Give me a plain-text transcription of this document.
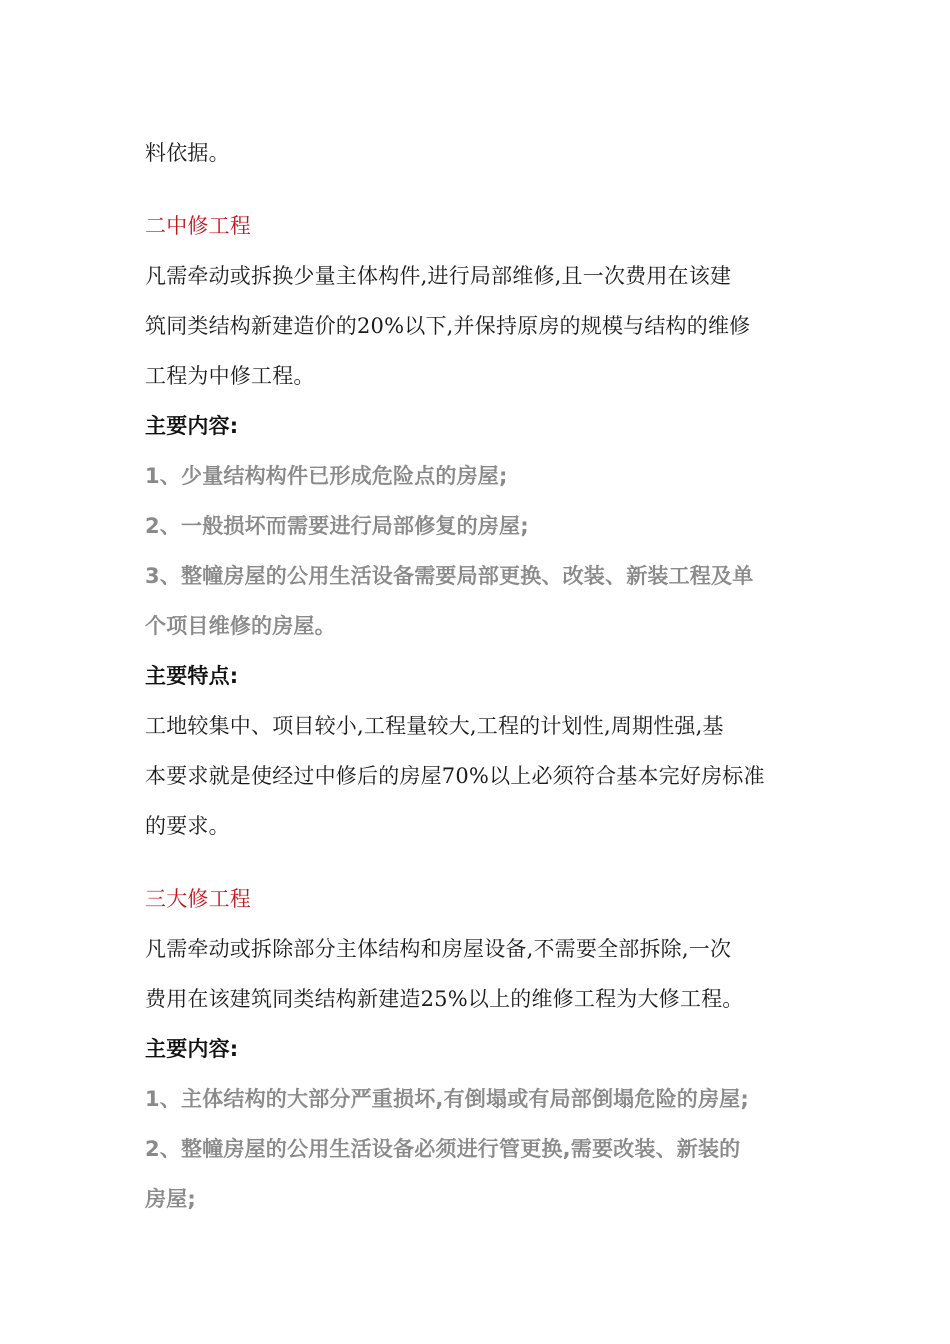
料依据。
二中修工程
凡需牵动或拆换少量主体构件,进行局部维修,且一次费用在该建
筑同类结构新建造价的20%以下,并保持原房的规模与结构的维修
工程为中修工程。
主要内容:
1、少量结构构件已形成危险点的房屋;
2、一般损坏而需要进行局部修复的房屋;
3、整幢房屋的公用生活设备需要局部更换、改装、新装工程及单
个项目维修的房屋。
主要特点:
工地较集中、项目较小,工程量较大,工程的计划性,周期性强,基
本要求就是使经过中修后的房屋70%以上必须符合基本完好房标准
的要求。
三大修工程
凡需牵动或拆除部分主体结构和房屋设备,不需要全部拆除,一次
费用在该建筑同类结构新建造25%以上的维修工程为大修工程。
主要内容:
1、主体结构的大部分严重损坏,有倒塌或有局部倒塌危险的房屋;
2、整幢房屋的公用生活设备必须进行管更换,需要改装、新装的
房屋;
